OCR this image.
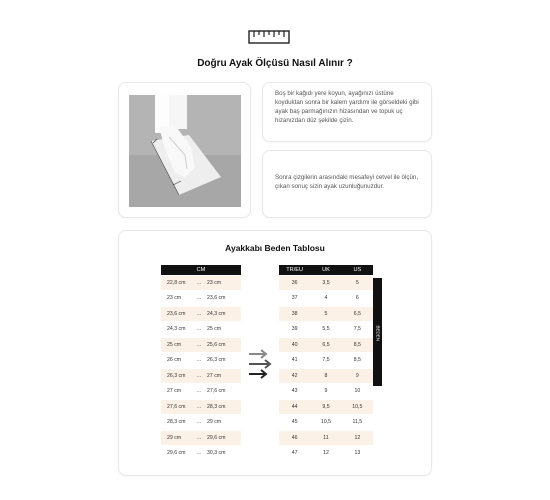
Doğru Ayak Ölçüsü Nasıl Alınır ?
Boş bir kağıdı yere koyun, ayağınızı üstüne koyduktan sonra bir kalem yardımı ile görseldeki gibi ayak baş parmağınızın hizasından ve topuk uç hizanızdan düz şekilde çizin.
Sonra çizgilerin arasındaki mesafeyi cetvel ile ölçün, çıkan sonuç sizin ayak uzunluğunuzdur.
Ayakkabı Beden Tablosu
CM		
22,8 cm	...	23 cm
23 cm	...	23,6 cm
23,6 cm	...	24,3 cm
24,3 cm	...	25 cm
25 cm	...	25,6 cm
26 cm	...	26,3 cm
26,3 cm	...	27 cm
27 cm	...	27,6 cm
27,6 cm	...	28,3 cm
28,3 cm	...	29 cm
29 cm	...	29,6 cm
29,6 cm	...	30,3 cm
TR/EU	UK	US
36	3,5	5
37	4	6
38	5	6,5
39	5,5	7,5
40	6,5	8,5
41	7,5	8,5
42	8	9
43	9	10
44	9,5	10,5
45	10,5	11,5
46	11	12
47	12	13
BEDEN
